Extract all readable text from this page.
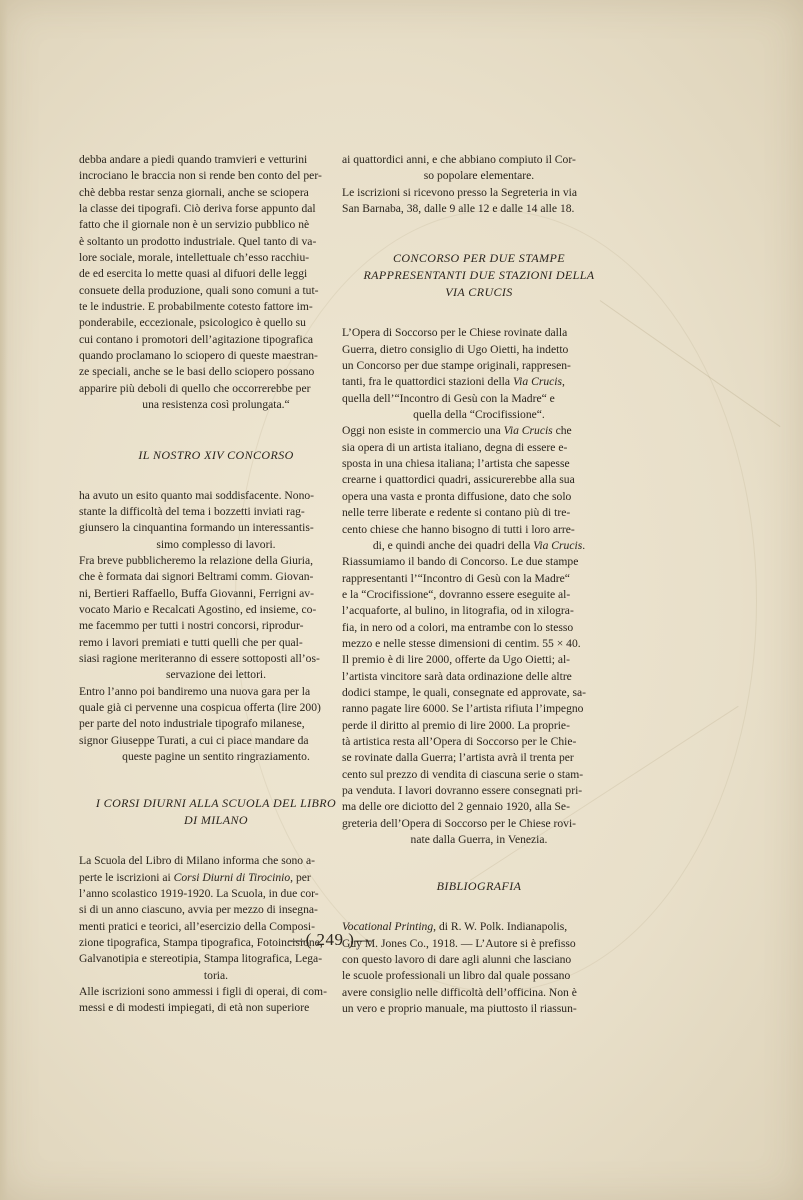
debba andare a piedi quando tramvieri e vetturini

incrociano le braccia non si rende ben conto del per-

chè debba restar senza giornali, anche se sciopera

la classe dei tipografi. Ciò deriva forse appunto dal

fatto che il giornale non è un servizio pubblico nè

è soltanto un prodotto industriale. Quel tanto di va-

lore sociale, morale, intellettuale ch’esso racchiu-

de ed esercita lo mette quasi al difuori delle leggi

consuete della produzione, quali sono comuni a tut-

te le industrie. E probabilmente cotesto fattore im-

ponderabile, eccezionale, psicologico è quello su

cui contano i promotori dell’agitazione tipografica

quando proclamano lo sciopero di queste maestran-

ze speciali, anche se le basi dello sciopero possano

apparire più deboli di quello che occorrerebbe per

una resistenza così prolungata.“

IL NOSTRO XIV CONCORSO

ha avuto un esito quanto mai soddisfacente. Nono-

stante la difficoltà del tema i bozzetti inviati rag-

giunsero la cinquantina formando un interessantis-

simo complesso di lavori.

Fra breve pubblicheremo la relazione della Giuria,

che è formata dai signori Beltrami comm. Giovan-

ni, Bertieri Raffaello, Buffa Giovanni, Ferrigni av-

vocato Mario e Recalcati Agostino, ed insieme, co-

me facemmo per tutti i nostri concorsi, riprodur-

remo i lavori premiati e tutti quelli che per qual-

siasi ragione meriteranno di essere sottoposti all’os-

servazione dei lettori.

Entro l’anno poi bandiremo una nuova gara per la

quale già ci pervenne una cospicua offerta (lire 200)

per parte del noto industriale tipografo milanese,

signor Giuseppe Turati, a cui ci piace mandare da

queste pagine un sentito ringraziamento.

I CORSI DIURNI ALLA SCUOLA DEL LIBRO

DI MILANO

La Scuola del Libro di Milano informa che sono a-

perte le iscrizioni ai Corsi Diurni di Tirocinio, per

l’anno scolastico 1919-1920. La Scuola, in due cor-

si di un anno ciascuno, avvia per mezzo di insegna-

menti pratici e teorici, all’esercizio della Composi-

zione tipografica, Stampa tipografica, Fotoincisione,

Galvanotipia e stereotipia, Stampa litografica, Lega-

toria.

Alle iscrizioni sono ammessi i figli di operai, di com-

messi e di modesti impiegati, di età non superiore

ai quattordici anni, e che abbiano compiuto il Cor-

so popolare elementare.

Le iscrizioni si ricevono presso la Segreteria in via

San Barnaba, 38, dalle 9 alle 12 e dalle 14 alle 18.

CONCORSO PER DUE STAMPE

RAPPRESENTANTI DUE STAZIONI DELLA

VIA CRUCIS

L’Opera di Soccorso per le Chiese rovinate dalla

Guerra, dietro consiglio di Ugo Oietti, ha indetto

un Concorso per due stampe originali, rappresen-

tanti, fra le quattordici stazioni della Via Crucis,

quella dell’“Incontro di Gesù con la Madre“ e

quella della “Crocifissione“.

Oggi non esiste in commercio una Via Crucis che

sia opera di un artista italiano, degna di essere e-

sposta in una chiesa italiana; l’artista che sapesse

crearne i quattordici quadri, assicurerebbe alla sua

opera una vasta e pronta diffusione, dato che solo

nelle terre liberate e redente si contano più di tre-

cento chiese che hanno bisogno di tutti i loro arre-

di, e quindi anche dei quadri della Via Crucis.

Riassumiamo il bando di Concorso. Le due stampe

rappresentanti l’“Incontro di Gesù con la Madre“

e la “Crocifissione“, dovranno essere eseguite al-

l’acquaforte, al bulino, in litografia, od in xilogra-

fia, in nero od a colori, ma entrambe con lo stesso

mezzo e nelle stesse dimensioni di centim. 55 × 40.

Il premio è di lire 2000, offerte da Ugo Oietti; al-

l’artista vincitore sarà data ordinazione delle altre

dodici stampe, le quali, consegnate ed approvate, sa-

ranno pagate lire 6000. Se l’artista rifiuta l’impegno

perde il diritto al premio di lire 2000. La proprie-

tà artistica resta all’Opera di Soccorso per le Chie-

se rovinate dalla Guerra; l’artista avrà il trenta per

cento sul prezzo di vendita di ciascuna serie o stam-

pa venduta. I lavori dovranno essere consegnati pri-

ma delle ore diciotto del 2 gennaio 1920, alla Se-

greteria dell’Opera di Soccorso per le Chiese rovi-

nate dalla Guerra, in Venezia.

BIBLIOGRAFIA

Vocational Printing, di R. W. Polk. Indianapolis,

Guy M. Jones Co., 1918. — L’Autore si è prefisso

con questo lavoro di dare agli alunni che lasciano

le scuole professionali un libro dal quale possano

avere consiglio nelle difficoltà dell’officina. Non è

un vero e proprio manuale, ma piuttosto il riassun-

—( 249 )—
